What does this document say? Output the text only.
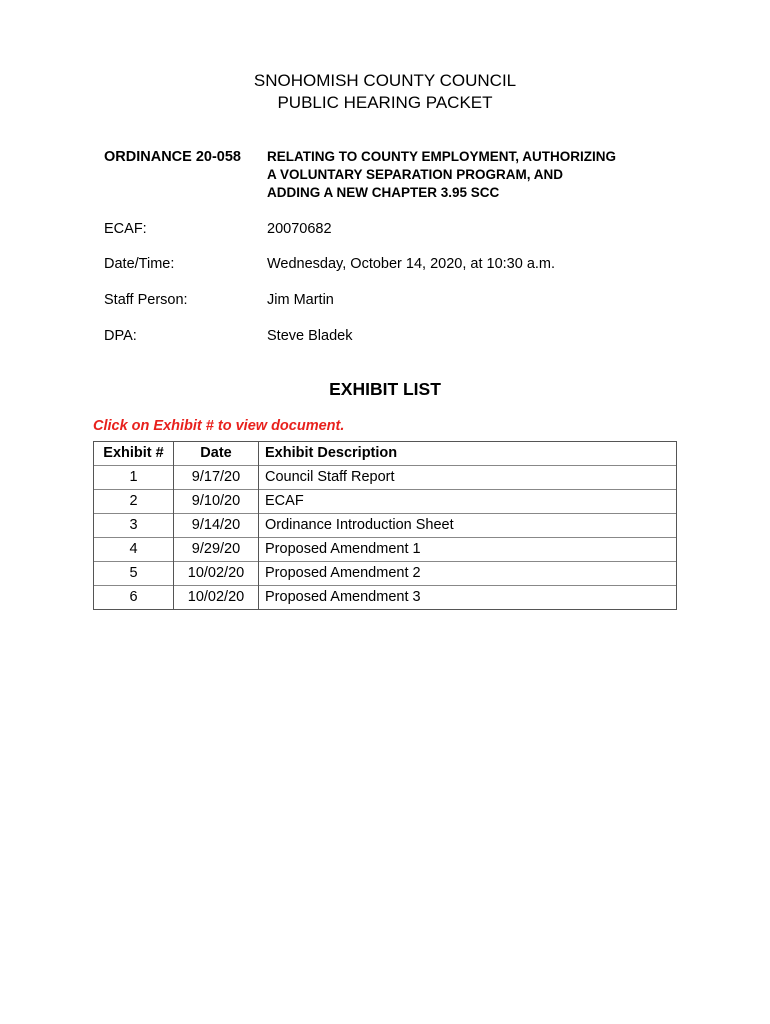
SNOHOMISH COUNTY COUNCIL
PUBLIC HEARING PACKET
ORDINANCE 20-058 RELATING TO COUNTY EMPLOYMENT, AUTHORIZING
A VOLUNTARY SEPARATION PROGRAM, AND
ADDING A NEW CHAPTER 3.95 SCC
ECAF:	20070682
Date/Time:	Wednesday, October 14, 2020, at 10:30 a.m.
Staff Person:	Jim Martin
DPA:	Steve Bladek
EXHIBIT LIST
Click on Exhibit # to view document.
Exhibit #	Date	Exhibit Description
1	9/17/20	Council Staff Report
2	9/10/20	ECAF
3	9/14/20	Ordinance Introduction Sheet
4	9/29/20	Proposed Amendment 1
5	10/02/20	Proposed Amendment 2
6	10/02/20	Proposed Amendment 3
